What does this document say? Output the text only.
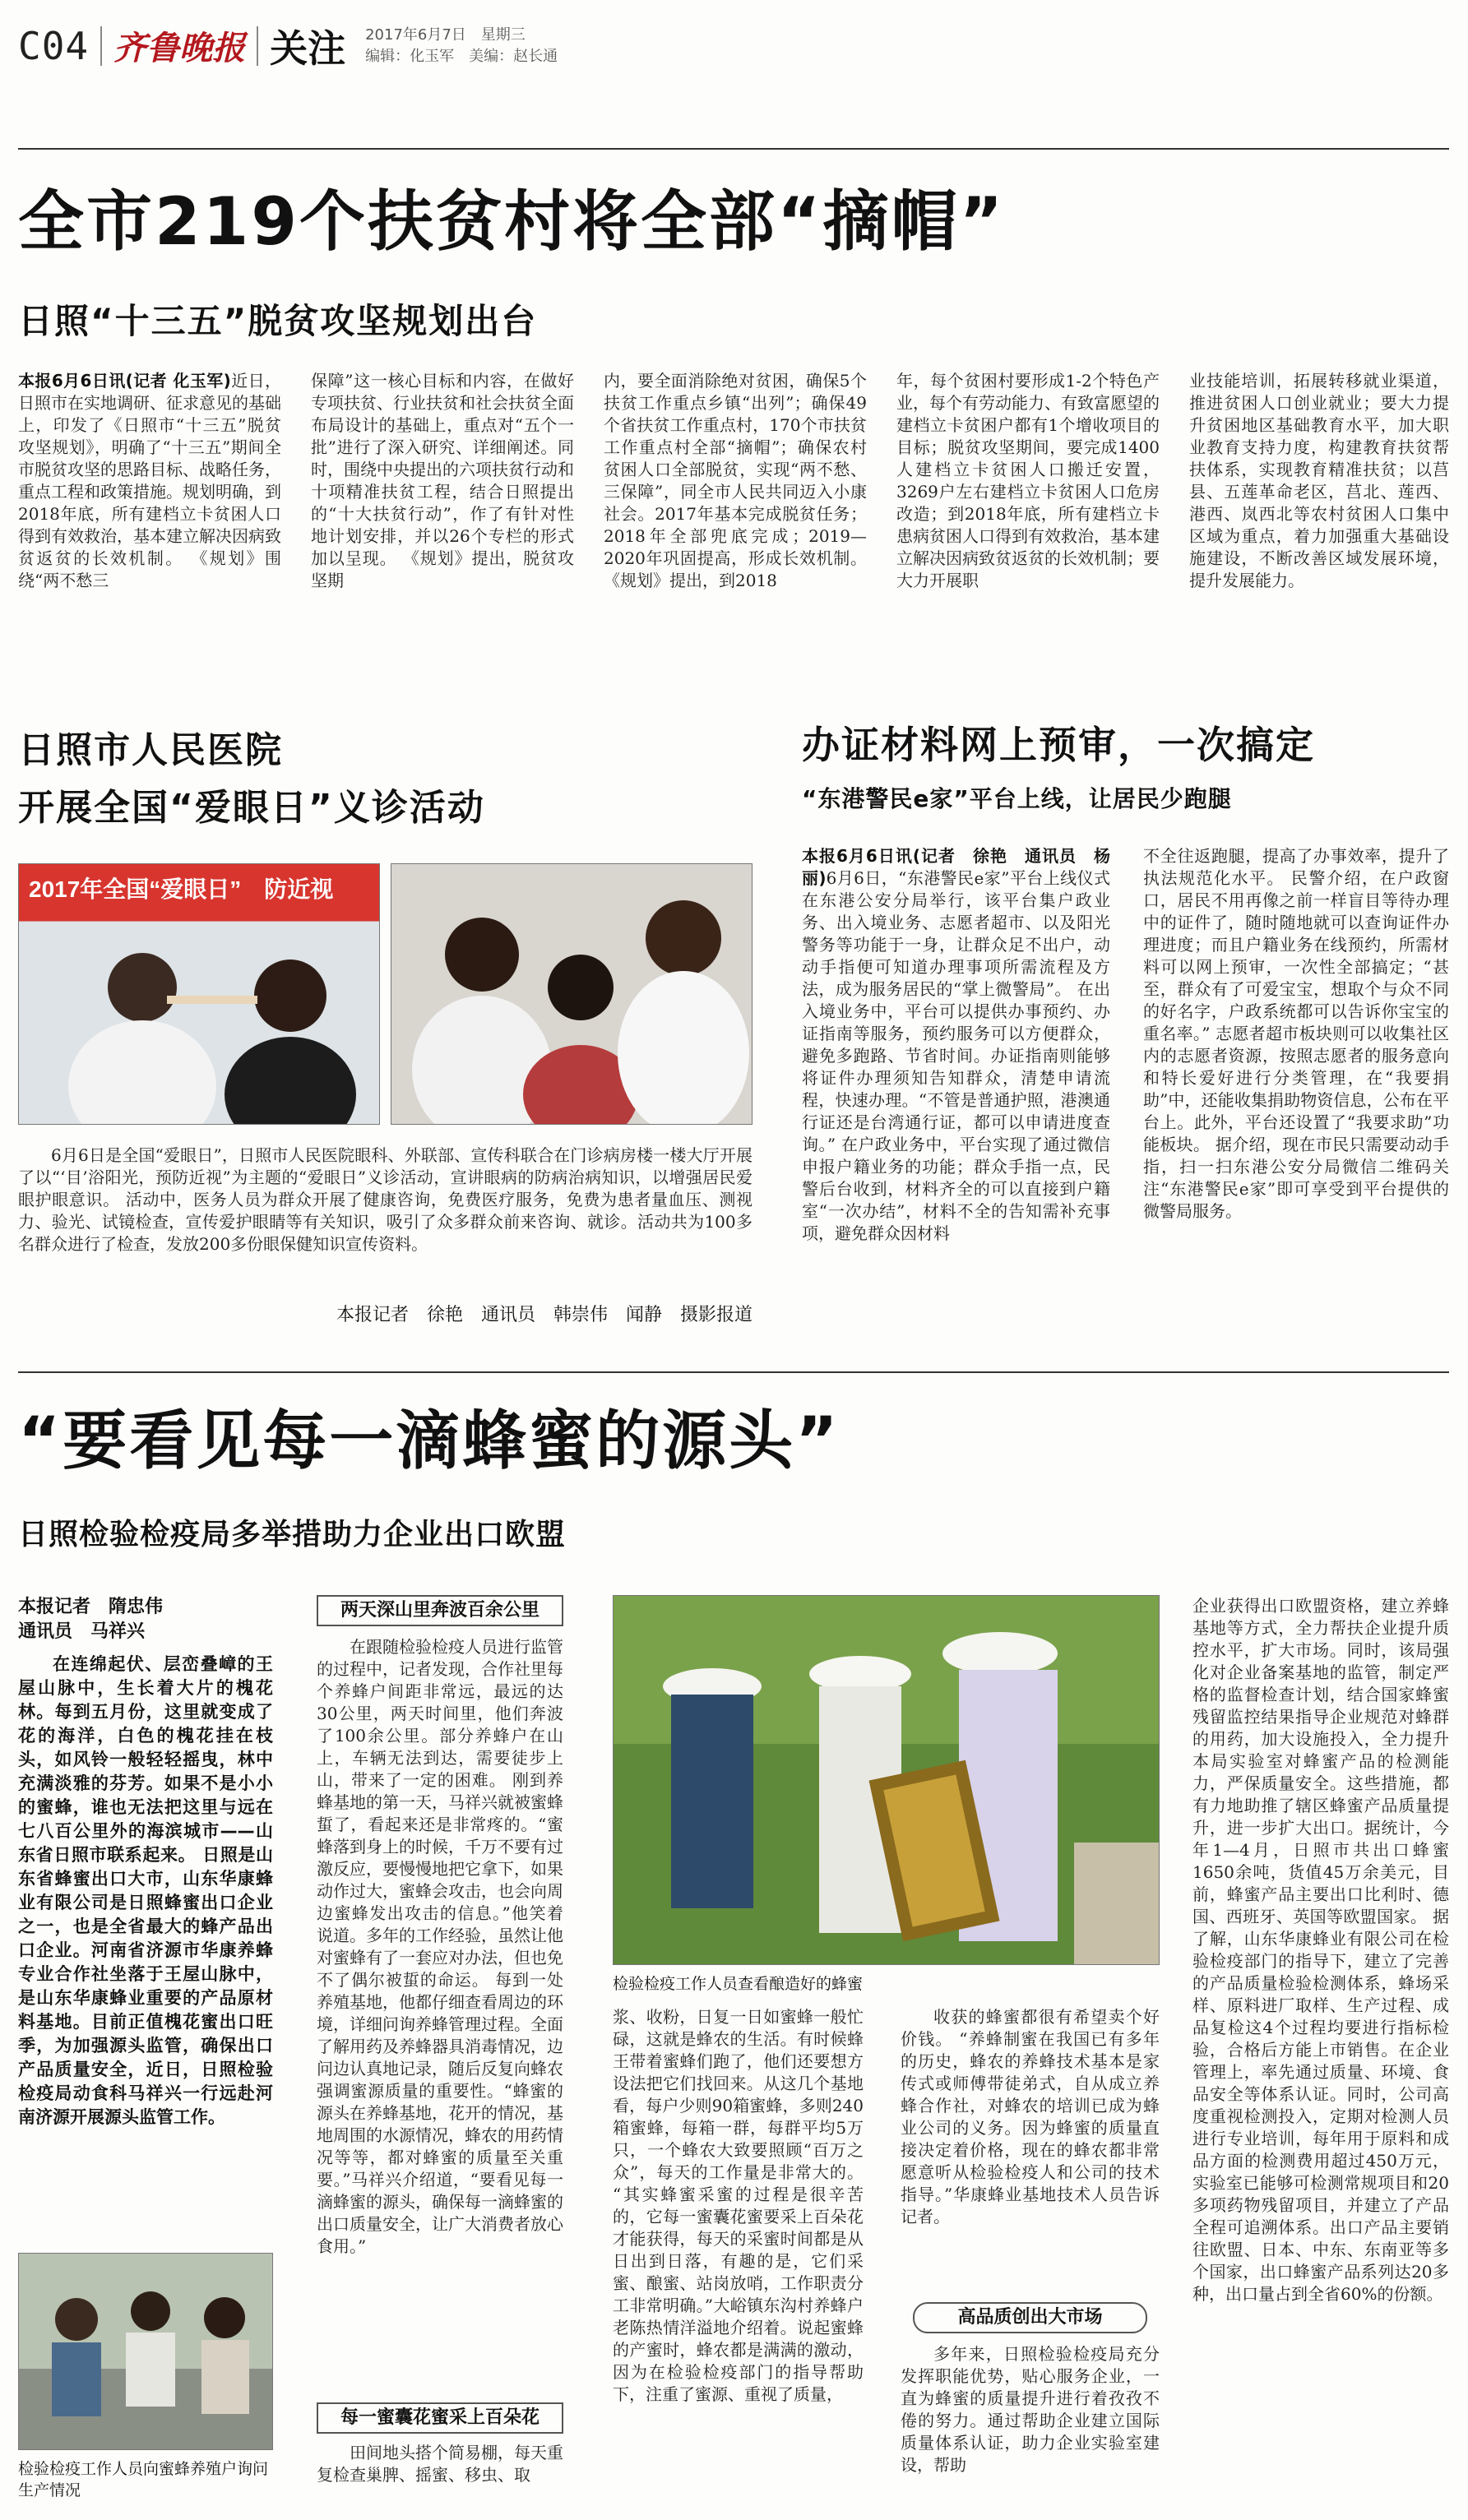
C04 齐鲁晚报 关注 2017年6月7日　星期三
编辑：化玉军　美编：赵长通
全市219个扶贫村将全部“摘帽”
日照“十三五”脱贫攻坚规划出台
本报6月6日讯(记者 化玉军)近日，日照市在实地调研、征求意见的基础上，印发了《日照市“十三五”脱贫攻坚规划》，明确了“十三五”期间全市脱贫攻坚的思路目标、战略任务，重点工程和政策措施。规划明确，到2018年底，所有建档立卡贫困人口得到有效救治，基本建立解决因病致贫返贫的长效机制。 《规划》围绕“两不愁三
保障”这一核心目标和内容，在做好专项扶贫、行业扶贫和社会扶贫全面布局设计的基础上，重点对“五个一批”进行了深入研究、详细阐述。同时，围绕中央提出的六项扶贫行动和十项精准扶贫工程，结合日照提出的“十大扶贫行动”，作了有针对性地计划安排，并以26个专栏的形式加以呈现。 《规划》提出，脱贫攻坚期
内，要全面消除绝对贫困，确保5个扶贫工作重点乡镇“出列”；确保49个省扶贫工作重点村，170个市扶贫工作重点村全部“摘帽”；确保农村贫困人口全部脱贫，实现“两不愁、三保障”，同全市人民共同迈入小康社会。2017年基本完成脱贫任务；2018年全部兜底完成；2019—2020年巩固提高，形成长效机制。 《规划》提出，到2018
年，每个贫困村要形成1-2个特色产业，每个有劳动能力、有致富愿望的建档立卡贫困户都有1个增收项目的目标；脱贫攻坚期间，要完成1400人建档立卡贫困人口搬迁安置，3269户左右建档立卡贫困人口危房改造；到2018年底，所有建档立卡患病贫困人口得到有效救治，基本建立解决因病致贫返贫的长效机制；要大力开展职
业技能培训，拓展转移就业渠道，推进贫困人口创业就业；要大力提升贫困地区基础教育水平，加大职业教育支持力度，构建教育扶贫帮扶体系，实现教育精准扶贫；以莒县、五莲革命老区，莒北、莲西、港西、岚西北等农村贫困人口集中区域为重点，着力加强重大基础设施建设，不断改善区域发展环境，提升发展能力。
日照市人民医院
开展全国“爱眼日”义诊活动
2017年全国“爱眼日”　防近视
6月6日是全国“爱眼日”，日照市人民医院眼科、外联部、宣传科联合在门诊病房楼一楼大厅开展了以“‘目’浴阳光，预防近视”为主题的“爱眼日”义诊活动，宣讲眼病的防病治病知识，以增强居民爱眼护眼意识。 活动中，医务人员为群众开展了健康咨询，免费医疗服务，免费为患者量血压、测视力、验光、试镜检查，宣传爱护眼睛等有关知识，吸引了众多群众前来咨询、就诊。活动共为100多名群众进行了检查，发放200多份眼保健知识宣传资料。
本报记者　徐艳　通讯员　韩崇伟　闻静　摄影报道
办证材料网上预审，一次搞定
“东港警民e家”平台上线，让居民少跑腿
本报6月6日讯(记者　徐艳　通讯员　杨丽)6月6日，“东港警民e家”平台上线仪式在东港公安分局举行，该平台集户政业务、出入境业务、志愿者超市、以及阳光警务等功能于一身，让群众足不出户，动动手指便可知道办理事项所需流程及方法，成为服务居民的“掌上微警局”。 在出入境业务中，平台可以提供办事预约、办证指南等服务，预约服务可以方便群众，避免多跑路、节省时间。办证指南则能够将证件办理须知告知群众，清楚申请流程，快速办理。“不管是普通护照，港澳通行证还是台湾通行证，都可以申请进度查询。” 在户政业务中，平台实现了通过微信申报户籍业务的功能；群众手指一点，民警后台收到，材料齐全的可以直接到户籍室“一次办结”，材料不全的告知需补充事项，避免群众因材料
不全往返跑腿，提高了办事效率，提升了执法规范化水平。 民警介绍，在户政窗口，居民不用再像之前一样盲目等待办理中的证件了，随时随地就可以查询证件办理进度；而且户籍业务在线预约，所需材料可以网上预审，一次性全部搞定；“甚至，群众有了可爱宝宝，想取个与众不同的好名字，户政系统都可以告诉你宝宝的重名率。” 志愿者超市板块则可以收集社区内的志愿者资源，按照志愿者的服务意向和特长爱好进行分类管理，在“我要捐助”中，还能收集捐助物资信息，公布在平台上。此外，平台还设置了“我要求助”功能板块。 据介绍，现在市民只需要动动手指，扫一扫东港公安分局微信二维码关注“东港警民e家”即可享受到平台提供的微警局服务。
“要看见每一滴蜂蜜的源头”
日照检验检疫局多举措助力企业出口欧盟
本报记者　隋忠伟
通讯员　马祥兴
在连绵起伏、层峦叠嶂的王屋山脉中，生长着大片的槐花林。每到五月份，这里就变成了花的海洋，白色的槐花挂在枝头，如风铃一般轻轻摇曳，林中充满淡雅的芬芳。如果不是小小的蜜蜂，谁也无法把这里与远在七八百公里外的海滨城市——山东省日照市联系起来。 日照是山东省蜂蜜出口大市，山东华康蜂业有限公司是日照蜂蜜出口企业之一，也是全省最大的蜂产品出口企业。河南省济源市华康养蜂专业合作社坐落于王屋山脉中，是山东华康蜂业重要的产品原材料基地。目前正值槐花蜜出口旺季，为加强源头监管，确保出口产品质量安全，近日，日照检验检疫局动食科马祥兴一行远赴河南济源开展源头监管工作。
检验检疫工作人员向蜜蜂养殖户询问生产情况
两天深山里奔波百余公里
在跟随检验检疫人员进行监管的过程中，记者发现，合作社里每个养蜂户间距非常远，最远的达30公里，两天时间里，他们奔波了100余公里。部分养蜂户在山上，车辆无法到达，需要徒步上山，带来了一定的困难。 刚到养蜂基地的第一天，马祥兴就被蜜蜂蜇了，看起来还是非常疼的。“蜜蜂落到身上的时候，千万不要有过激反应，要慢慢地把它拿下，如果动作过大，蜜蜂会攻击，也会向周边蜜蜂发出攻击的信息。”他笑着说道。多年的工作经验，虽然让他对蜜蜂有了一套应对办法，但也免不了偶尔被蜇的命运。 每到一处养殖基地，他都仔细查看周边的环境，详细问询养蜂管理过程。全面了解用药及养蜂器具消毒情况，边问边认真地记录，随后反复向蜂农强调蜜源质量的重要性。“蜂蜜的源头在养蜂基地，花开的情况，基地周围的水源情况，蜂农的用药情况等等，都对蜂蜜的质量至关重要。”马祥兴介绍道，“要看见每一滴蜂蜜的源头，确保每一滴蜂蜜的出口质量安全，让广大消费者放心食用。”
每一蜜囊花蜜采上百朵花
田间地头搭个简易棚，每天重复检查巢脾、摇蜜、移虫、取
检验检疫工作人员查看酿造好的蜂蜜
浆、收粉，日复一日如蜜蜂一般忙碌，这就是蜂农的生活。有时候蜂王带着蜜蜂们跑了，他们还要想方设法把它们找回来。从这几个基地看，每户少则90箱蜜蜂，多则240箱蜜蜂，每箱一群，每群平均5万只，一个蜂农大致要照顾“百万之众”，每天的工作量是非常大的。 “其实蜂蜜采蜜的过程是很辛苦的，它每一蜜囊花蜜要采上百朵花才能获得，每天的采蜜时间都是从日出到日落，有趣的是，它们采蜜、酿蜜、站岗放哨，工作职责分工非常明确。”大峪镇东沟村养蜂户老陈热情洋溢地介绍着。说起蜜蜂的产蜜时，蜂农都是满满的激动，因为在检验检疫部门的指导帮助下，注重了蜜源、重视了质量，
收获的蜂蜜都很有希望卖个好价钱。 “养蜂制蜜在我国已有多年的历史，蜂农的养蜂技术基本是家传式或师傅带徒弟式，自从成立养蜂合作社，对蜂农的培训已成为蜂业公司的义务。因为蜂蜜的质量直接决定着价格，现在的蜂农都非常愿意听从检验检疫人和公司的技术指导。”华康蜂业基地技术人员告诉记者。
高品质创出大市场
多年来，日照检验检疫局充分发挥职能优势，贴心服务企业，一直为蜂蜜的质量提升进行着孜孜不倦的努力。通过帮助企业建立国际质量体系认证，助力企业实验室建设，帮助
企业获得出口欧盟资格，建立养蜂基地等方式，全力帮扶企业提升质控水平，扩大市场。同时，该局强化对企业备案基地的监管，制定严格的监督检查计划，结合国家蜂蜜残留监控结果指导企业规范对蜂群的用药，加大设施投入，全力提升本局实验室对蜂蜜产品的检测能力，严保质量安全。这些措施，都有力地助推了辖区蜂蜜产品质量提升，进一步扩大出口。据统计，今年1—4月，日照市共出口蜂蜜1650余吨，货值45万余美元，目前，蜂蜜产品主要出口比利时、德国、西班牙、英国等欧盟国家。 据了解，山东华康蜂业有限公司在检验检疫部门的指导下，建立了完善的产品质量检验检测体系，蜂场采样、原料进厂取样、生产过程、成品复检这4个过程均要进行指标检验，合格后方能上市销售。在企业管理上，率先通过质量、环境、食品安全等体系认证。同时，公司高度重视检测投入，定期对检测人员进行专业培训，每年用于原料和成品方面的检测费用超过450万元，实验室已能够可检测常规项目和20多项药物残留项目，并建立了产品全程可追溯体系。出口产品主要销往欧盟、日本、中东、东南亚等多个国家，出口蜂蜜产品系列达20多种，出口量占到全省60%的份额。
